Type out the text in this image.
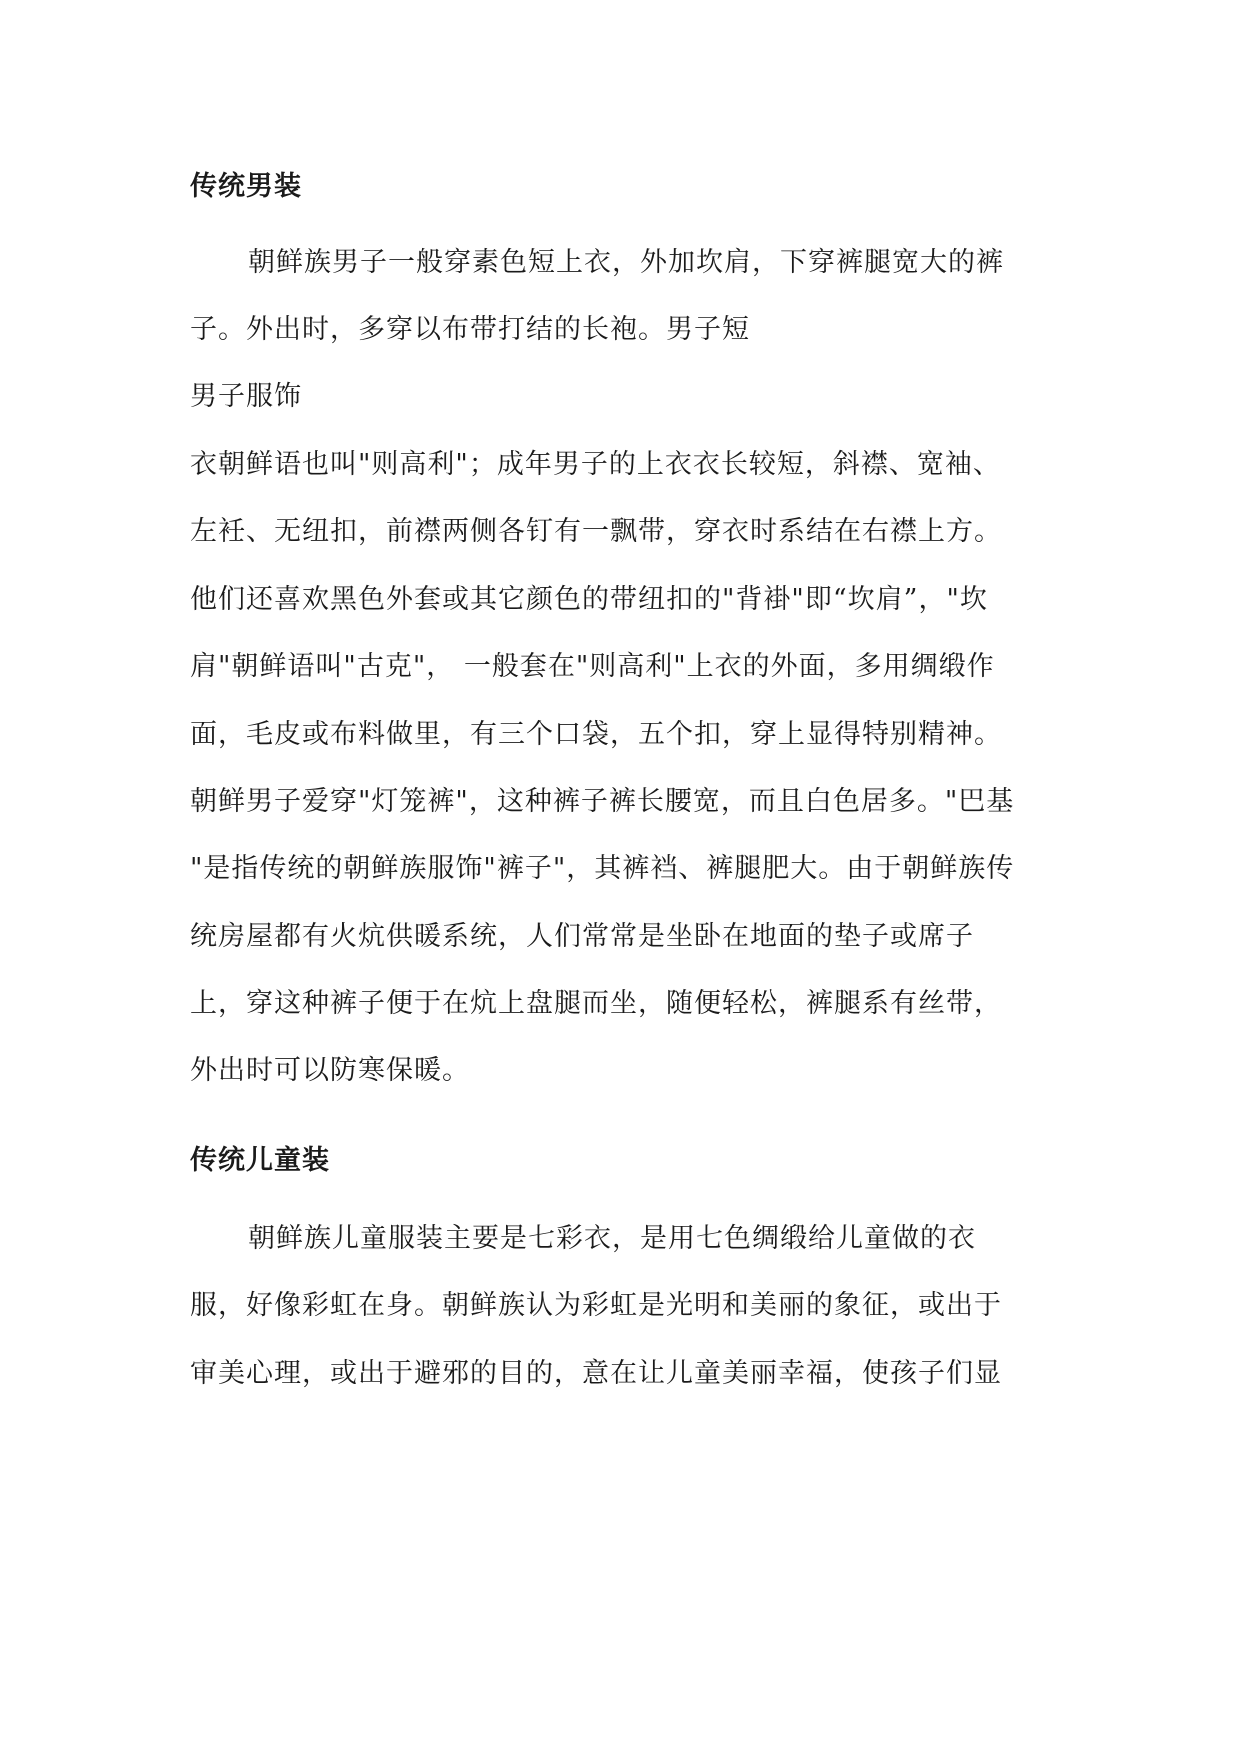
传统男装
朝鲜族男子一般穿素色短上衣，外加坎肩，下穿裤腿宽大的裤
子。外出时，多穿以布带打结的长袍。男子短
男子服饰
衣朝鲜语也叫"则高利"；成年男子的上衣衣长较短，斜襟、宽袖、
左衽、无纽扣，前襟两侧各钉有一飘带，穿衣时系结在右襟上方。
他们还喜欢黑色外套或其它颜色的带纽扣的"背褂"即“坎肩”，"坎
肩"朝鲜语叫"古克"， 一般套在"则高利"上衣的外面，多用绸缎作
面，毛皮或布料做里，有三个口袋，五个扣，穿上显得特别精神。
朝鲜男子爱穿"灯笼裤"，这种裤子裤长腰宽，而且白色居多。"巴基
"是指传统的朝鲜族服饰"裤子"，其裤裆、裤腿肥大。由于朝鲜族传
统房屋都有火炕供暖系统，人们常常是坐卧在地面的垫子或席子
上，穿这种裤子便于在炕上盘腿而坐，随便轻松，裤腿系有丝带，
外出时可以防寒保暖。
传统儿童装
朝鲜族儿童服装主要是七彩衣，是用七色绸缎给儿童做的衣
服，好像彩虹在身。朝鲜族认为彩虹是光明和美丽的象征，或出于
审美心理，或出于避邪的目的，意在让儿童美丽幸福，使孩子们显
